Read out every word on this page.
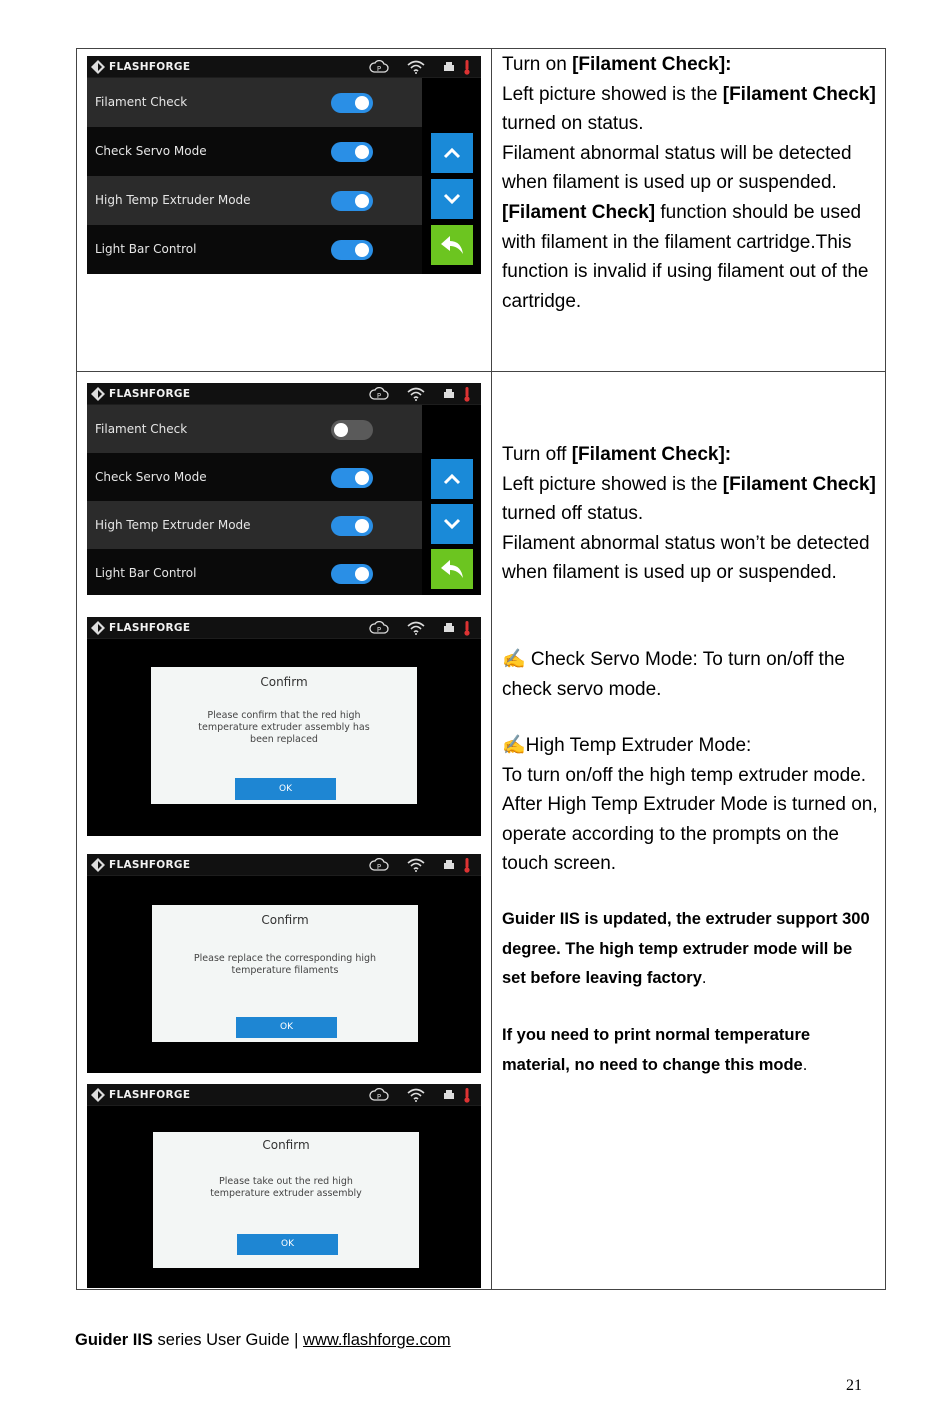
FLASHFORGE	P
Filament Check
Check Servo Mode
High Temp Extruder Mode
Light Bar Control
FLASHFORGE	P
Filament Check
Check Servo Mode
High Temp Extruder Mode
Light Bar Control
FLASHFORGE	P
Confirm
Please confirm that the red high temperature extruder assembly has been replaced
OK
FLASHFORGE	P
Confirm
Please replace the corresponding high temperature filaments
OK
FLASHFORGE	P
Confirm
Please take out the red high temperature extruder assembly
OK

Turn on [Filament Check]:

Left picture showed is the [Filament Check] turned on status.

Filament abnormal status will be detected when filament is used up or suspended.

[Filament Check] function should be used with filament in the filament cartridge.This function is invalid if using filament out of the cartridge.

Turn off [Filament Check]:

Left picture showed is the [Filament Check] turned off status.

Filament abnormal status won’t be detected when filament is used up or suspended.

✍ Check Servo Mode: To turn on/off the check servo mode.

✍High Temp Extruder Mode:

To turn on/off the high temp extruder mode. After High Temp Extruder Mode is turned on, operate according to the prompts on the touch screen.

Guider IIS is updated, the extruder support 300 degree. The high temp extruder mode will be set before leaving factory.

If you need to print normal temperature material, no need to change this mode.

Guider IIS series User Guide | www.flashforge.com
21
